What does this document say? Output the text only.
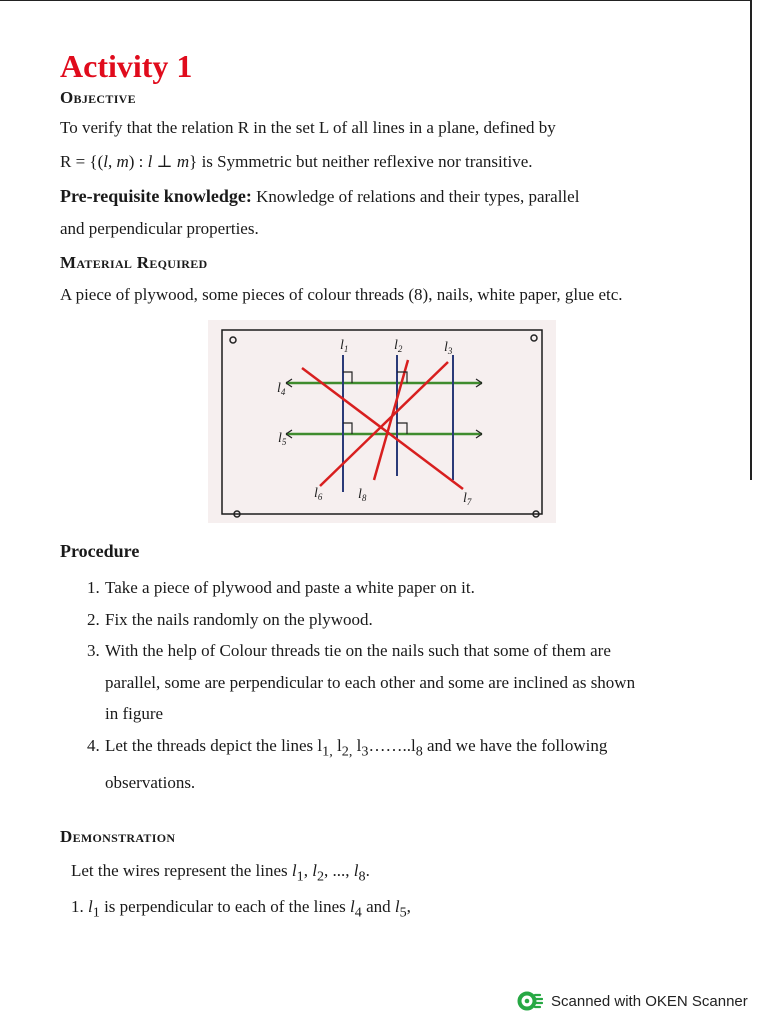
Activity 1
Objective

To verify that the relation R in the set L of all lines in a plane, defined by

R = {(l, m) : l ⊥ m} is Symmetric but neither reflexive nor transitive.

Pre-requisite knowledge: Knowledge of relations and their types, parallel

and perpendicular properties.

Material Required

A piece of plywood, some pieces of colour threads (8), nails, white paper, glue etc.

$l_1$	$l_2$	$l_3$
$l_4$
$l_5$
$l_6$	$l_7$
$l_8$
Procedure
1. Take a piece of plywood and paste a white paper on it.
2. Fix the nails randomly on the plywood.
3. With the help of Colour threads tie on the nails such that some of them are
parallel, some are perpendicular to each other and some are inclined as shown
in figure
4. Let the threads depict the lines $l_{1,}$ $l_{2,}$ $l_3\dots\dots..l_8$ and we have the following
observations.
Demonstration

Let the wires represent the lines $l_1$, $l_2$, ..., $l_8$.

1. $l_1$ is perpendicular to each of the lines $l_4$ and $l_5$,

Scanned with OKEN Scanner
